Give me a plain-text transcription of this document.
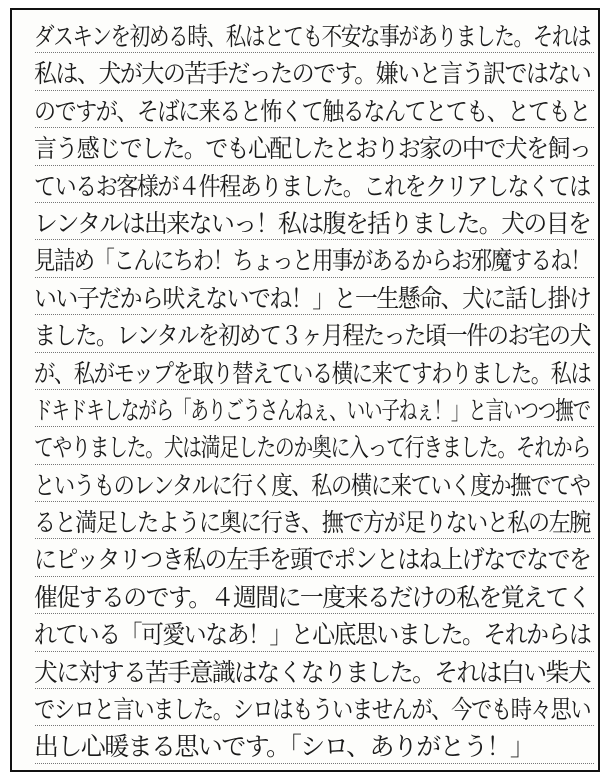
ダスキンを初める時、私はとても不安な事がありました。それは
私は、犬が大の苦手だったのです。嫌いと言う訳ではない
のですが、そばに来ると怖くて触るなんてとても、とてもと
言う感じでした。でも心配したとおりお家の中で犬を飼っ
ているお客様が４件程ありました。これをクリアしなくては
レンタルは出来ないっ！私は腹を括りました。犬の目を
見詰め「こんにちわ！ちょっと用事があるからお邪魔するね！
いい子だから吠えないでね！」と一生懸命、犬に話し掛け
ました。レンタルを初めて３ヶ月程たった頃一件のお宅の犬
が、私がモップを取り替えている横に来てすわりました。私は
ドキドキしながら「ありごうさんねぇ、いい子ねぇ！」と言いつつ撫で
てやりました。犬は満足したのか奥に入って行きました。それから
というものレンタルに行く度、私の横に来ていく度か撫でてや
ると満足したように奥に行き、撫で方が足りないと私の左腕
にピッタリつき私の左手を頭でポンとはね上げなでなでを
催促するのです。４週間に一度来るだけの私を覚えてく
れている「可愛いなあ！」と心底思いました。それからは
犬に対する苦手意識はなくなりました。それは白い柴犬
でシロと言いました。シロはもういませんが、今でも時々思い
出し心暖まる思いです。「シロ、ありがとう！」
